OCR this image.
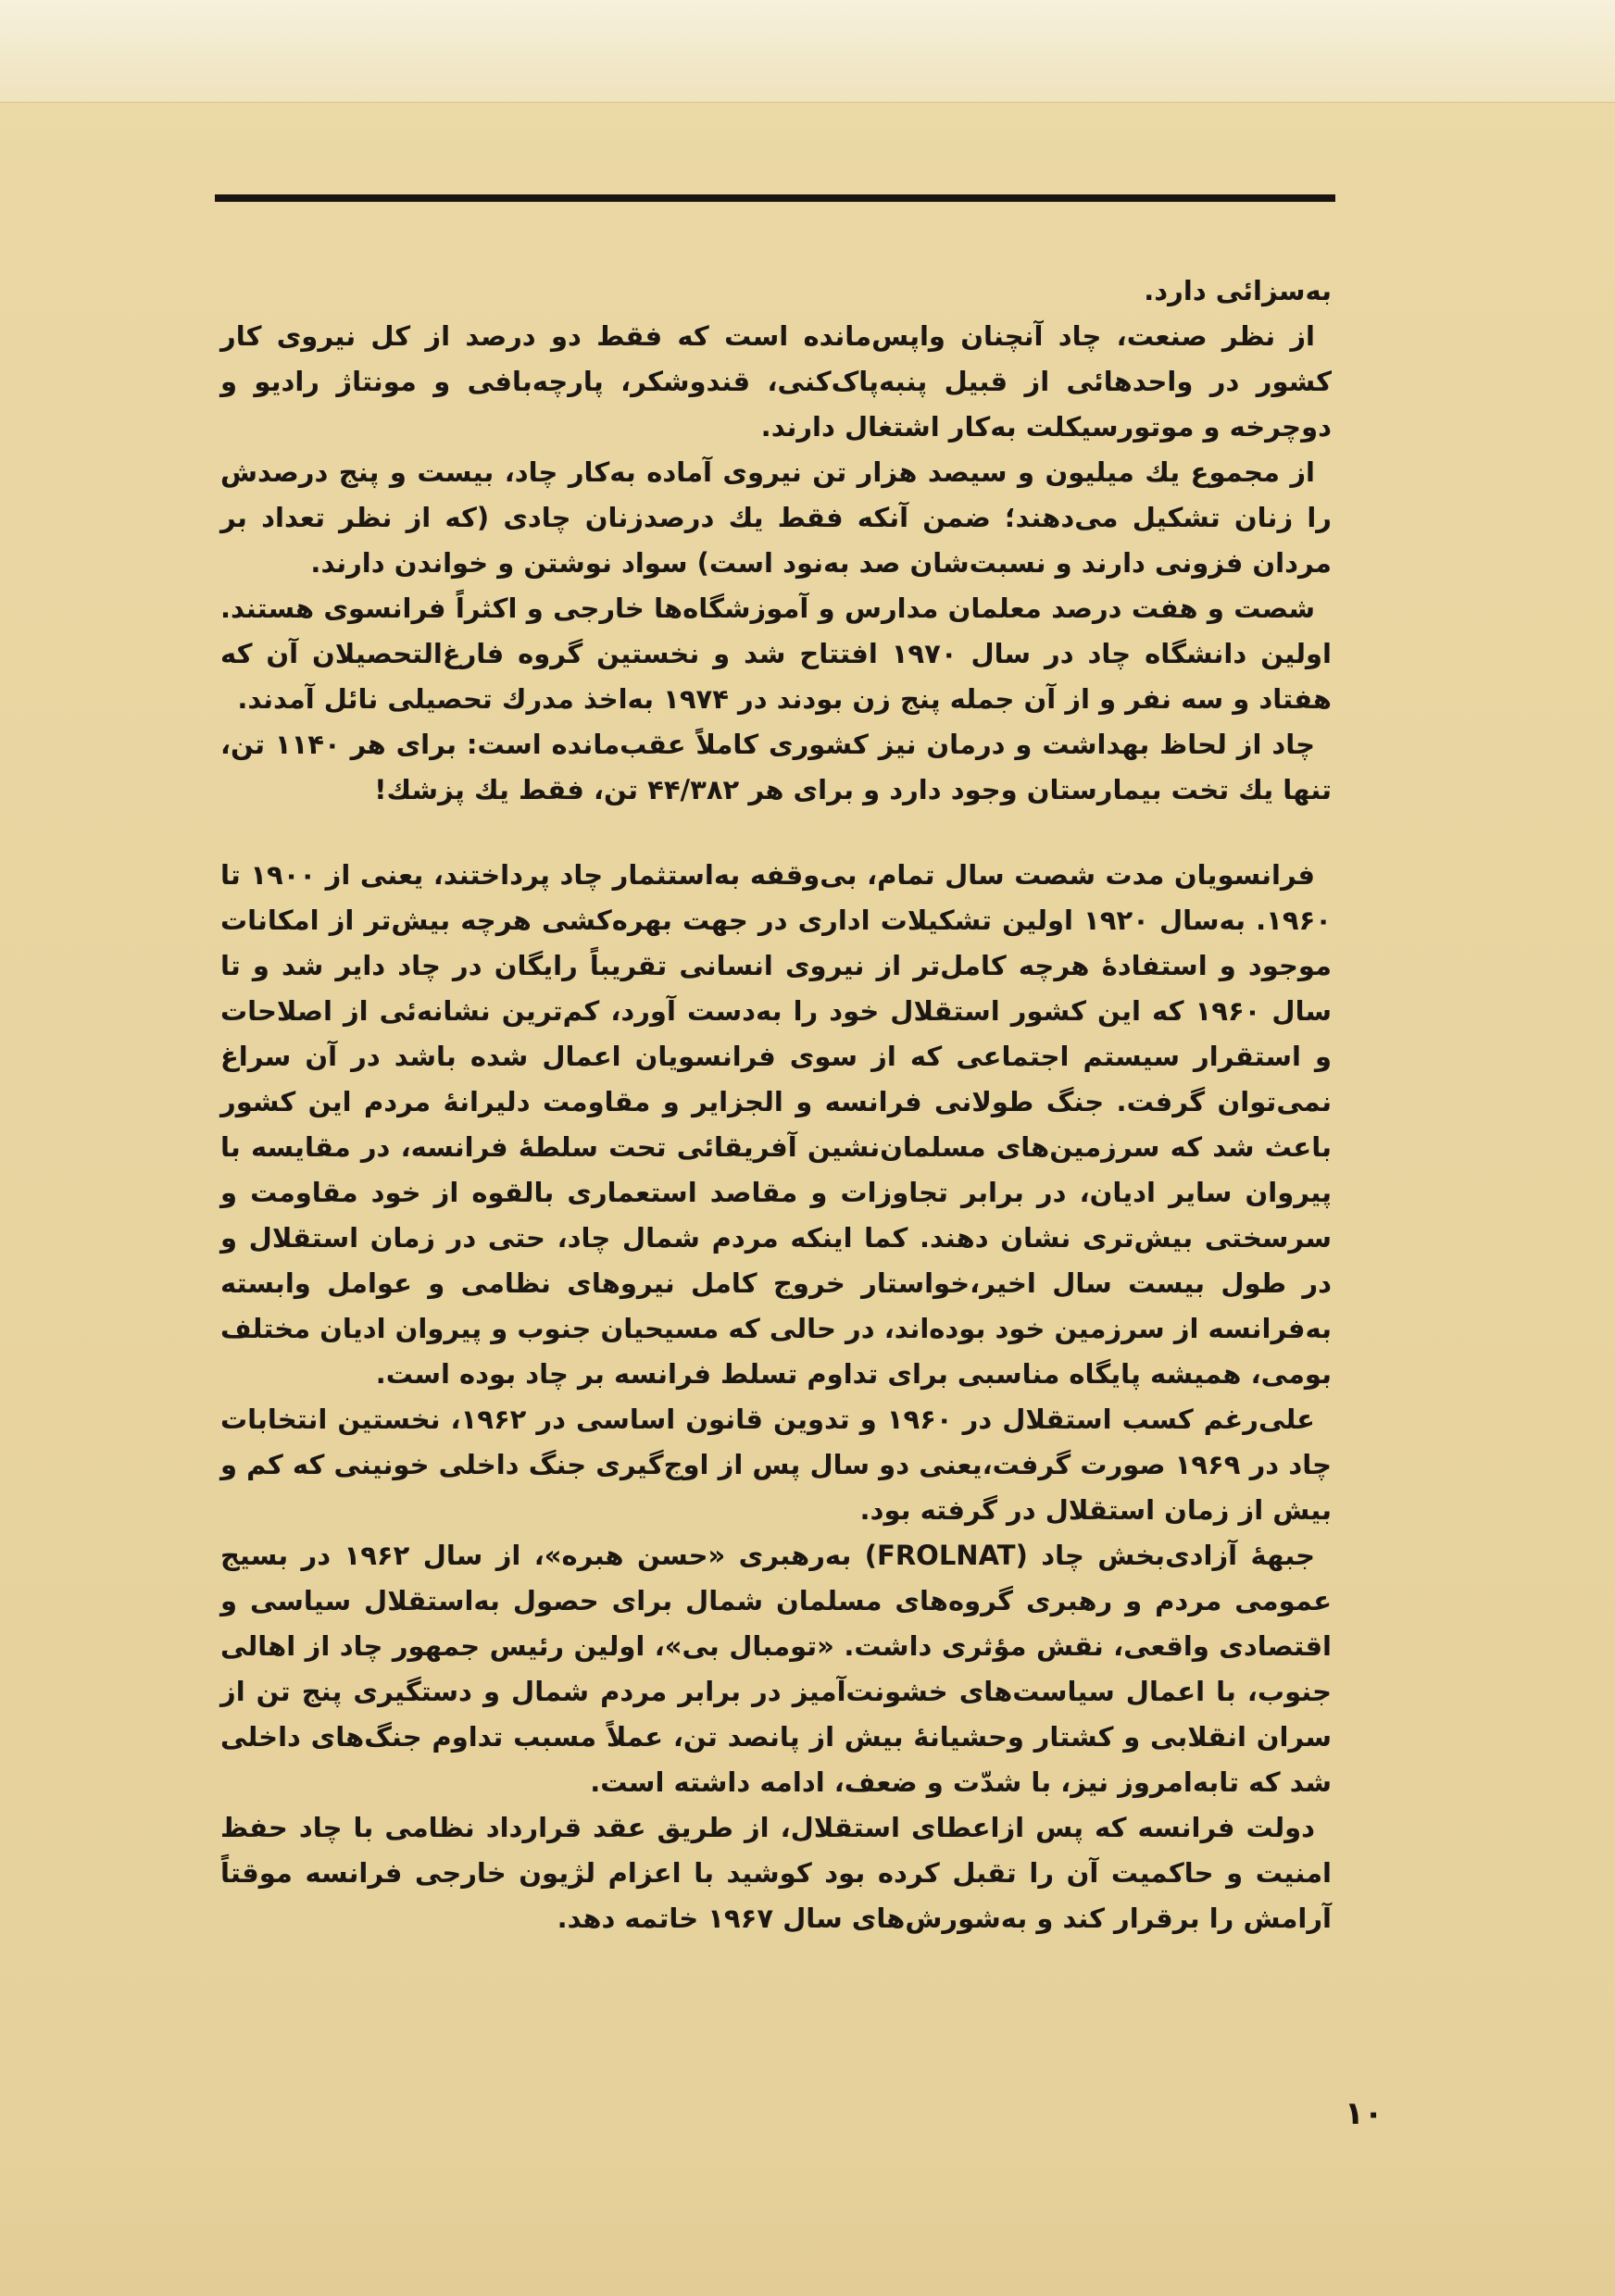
به‌سزائی دارد.

از نظر صنعت، چاد آنچنان واپس‌مانده است که فقط دو درصد از کل نیروی کار کشور در واحدهائی از قبیل پنبه‌پاک‌کنی، قندوشکر، پارچه‌بافی و مونتاژ رادیو و دوچرخه و موتورسیکلت به‌کار اشتغال دارند.

از مجموع یك میلیون و سیصد هزار تن نیروی آماده به‌کار چاد، بیست و پنج درصدش را زنان تشکیل می‌دهند؛ ضمن آنکه فقط یك درصدزنان چادی (که از نظر تعداد بر مردان فزونی دارند و نسبت‌شان صد به‌نود است) سواد نوشتن و خواندن دارند.

شصت و هفت درصد معلمان مدارس و آموزشگاه‌ها خارجی و اکثراً فرانسوی هستند. اولین دانشگاه چاد در سال ۱۹۷۰ افتتاح شد و نخستین گروه فارغ‌التحصیلان آن که هفتاد و سه نفر و از آن جمله پنج زن بودند در ۱۹۷۴ به‌اخذ مدرك تحصیلی نائل آمدند.

چاد از لحاظ بهداشت و درمان نیز کشوری کاملاً عقب‌مانده است: برای هر ۱۱۴۰ تن، تنها یك تخت بیمارستان وجود دارد و برای هر ۴۴/۳۸۲ تن، فقط یك پزشك!

فرانسویان مدت شصت سال تمام، بی‌وقفه به‌استثمار چاد پرداختند، یعنی از ۱۹۰۰ تا ۱۹۶۰. به‌سال ۱۹۲۰ اولین تشکیلات اداری در جهت بهره‌کشی هرچه بیش‌تر از امکانات موجود و استفادهٔ هرچه کامل‌تر از نیروی انسانی تقریباً رایگان در چاد دایر شد و تا سال ۱۹۶۰ که این کشور استقلال خود را به‌دست آورد، کم‌ترین نشانه‌ئی از اصلاحات و استقرار سیستم اجتماعی که از سوی فرانسویان اعمال شده باشد در آن سراغ نمی‌توان گرفت. جنگ طولانی فرانسه و الجزایر و مقاومت دلیرانهٔ مردم این کشور باعث شد که سرزمین‌های مسلمان‌نشین آفریقائی تحت سلطهٔ فرانسه، در مقایسه با پیروان سایر ادیان، در برابر تجاوزات و مقاصد استعماری بالقوه از خود مقاومت و سرسختی بیش‌تری نشان دهند. کما اینکه مردم شمال چاد، حتی در زمان استقلال و در طول بیست سال اخیر،خواستار خروج کامل نیروهای نظامی و عوامل وابسته به‌فرانسه از سرزمین خود بوده‌اند، در حالی که مسیحیان جنوب و پیروان ادیان مختلف بومی، همیشه پایگاه مناسبی برای تداوم تسلط فرانسه بر چاد بوده است.

علی‌رغم کسب استقلال در ۱۹۶۰ و تدوین قانون اساسی در ۱۹۶۲، نخستین انتخابات چاد در ۱۹۶۹ صورت گرفت،یعنی دو سال پس از اوج‌گیری جنگ داخلی خونینی که کم و بیش از زمان استقلال در گرفته بود.

جبههٔ آزادی‌بخش چاد (FROLNAT) به‌رهبری «حسن هبره»، از سال ۱۹۶۲ در بسیج عمومی مردم و رهبری گروه‌های مسلمان شمال برای حصول به‌استقلال سیاسی و اقتصادی واقعی، نقش مؤثری داشت. «تومبال بی»، اولین رئیس جمهور چاد از اهالی جنوب، با اعمال سیاست‌های خشونت‌آمیز در برابر مردم شمال و دستگیری پنج تن از سران انقلابی و کشتار وحشیانهٔ بیش از پانصد تن، عملاً مسبب تداوم جنگ‌های داخلی شد که تابه‌امروز نیز، با شدّت و ضعف، ادامه داشته است.

دولت فرانسه که پس ازاعطای استقلال، از طریق عقد قرارداد نظامی با چاد حفظ امنیت و حاکمیت آن را تقبل کرده بود کوشید با اعزام لژیون خارجی فرانسه موقتاً آرامش را برقرار کند و به‌شورش‌های سال ۱۹۶۷ خاتمه دهد.

۱۰
